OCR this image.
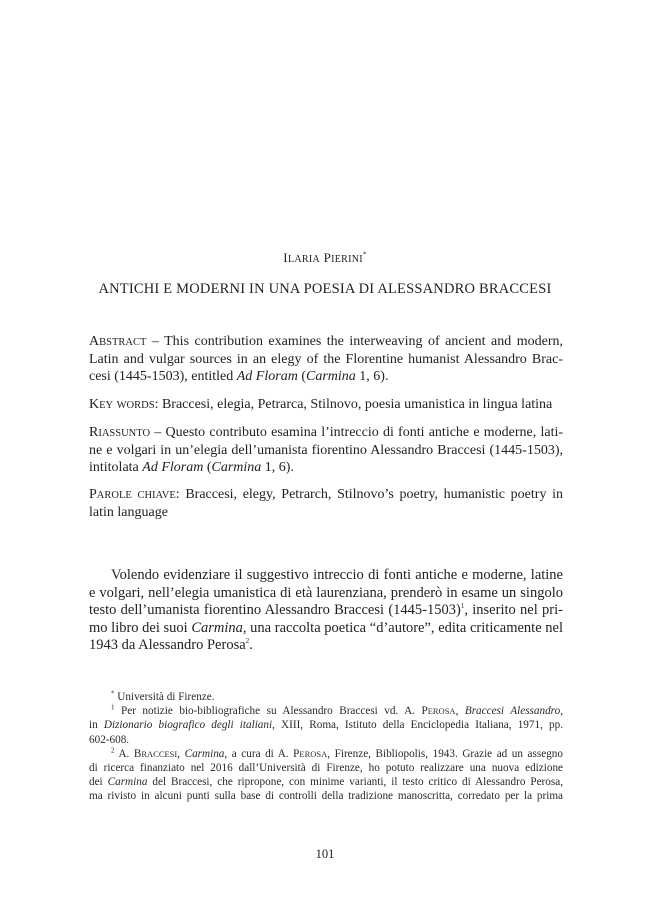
ILARIA PIERINI*
ANTICHI E MODERNI IN UNA POESIA DI ALESSANDRO BRACCESI
ABSTRACT – This contribution examines the interweaving of ancient and modern,
Latin and vulgar sources in an elegy of the Florentine humanist Alessandro Brac-
cesi (1445-1503), entitled Ad Floram (Carmina 1, 6).
KEY WORDS: Braccesi, elegia, Petrarca, Stilnovo, poesia umanistica in lingua latina
RIASSUNTO – Questo contributo esamina l’intreccio di fonti antiche e moderne, lati-
ne e volgari in un’elegia dell’umanista fiorentino Alessandro Braccesi (1445-1503),
intitolata Ad Floram (Carmina 1, 6).
PAROLE CHIAVE: Braccesi, elegy, Petrarch, Stilnovo’s poetry, humanistic poetry in
latin language
Volendo evidenziare il suggestivo intreccio di fonti antiche e moderne, latine
e volgari, nell’elegia umanistica di età laurenziana, prenderò in esame un singolo
testo dell’umanista fiorentino Alessandro Braccesi (1445-1503)$^1$, inserito nel pri-
mo libro dei suoi Carmina, una raccolta poetica “d’autore”, edita criticamente nel
1943 da Alessandro Perosa$^2$.
* Università di Firenze.
$^1$ Per notizie bio-bibliografiche su Alessandro Braccesi vd. A. PEROSA, Braccesi Alessandro,
in Dizionario biografico degli italiani, XIII, Roma, Istituto della Enciclopedia Italiana, 1971, pp.
602-608.
$^2$ A. BRACCESI, Carmina, a cura di A. PEROSA, Firenze, Bibliopolis, 1943. Grazie ad un assegno
di ricerca finanziato nel 2016 dall’Università di Firenze, ho potuto realizzare una nuova edizione
dei Carmina del Braccesi, che ripropone, con minime varianti, il testo critico di Alessandro Perosa,
ma rivisto in alcuni punti sulla base di controlli della tradizione manoscritta, corredato per la prima
101
